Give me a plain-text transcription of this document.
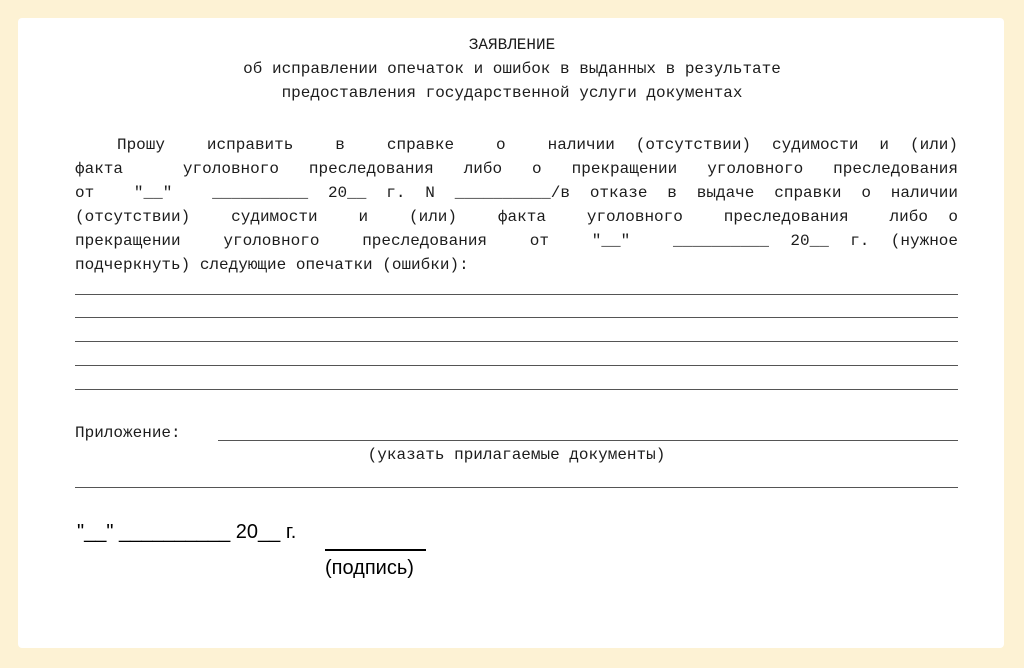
ЗАЯВЛЕНИЕ
об исправлении опечаток и ошибок в выданных в результате
предоставления государственной услуги документах
Прошу  исправить  в  справке  о  наличии (отсутствии) судимости и (или)
факта  уголовного преследования либо о прекращении уголовного преследования
от  "__"  __________ 20__ г. N __________/в отказе в выдаче справки о наличии
(отсутствии)  судимости  и  (или)  факта  уголовного  преследования  либо о
прекращении  уголовного  преследования  от  "__"  __________ 20__ г. (нужное
подчеркнуть) следующие опечатки (ошибки):
Приложение:
(указать прилагаемые документы)
"__" __________ 20__ г.
(подпись)
